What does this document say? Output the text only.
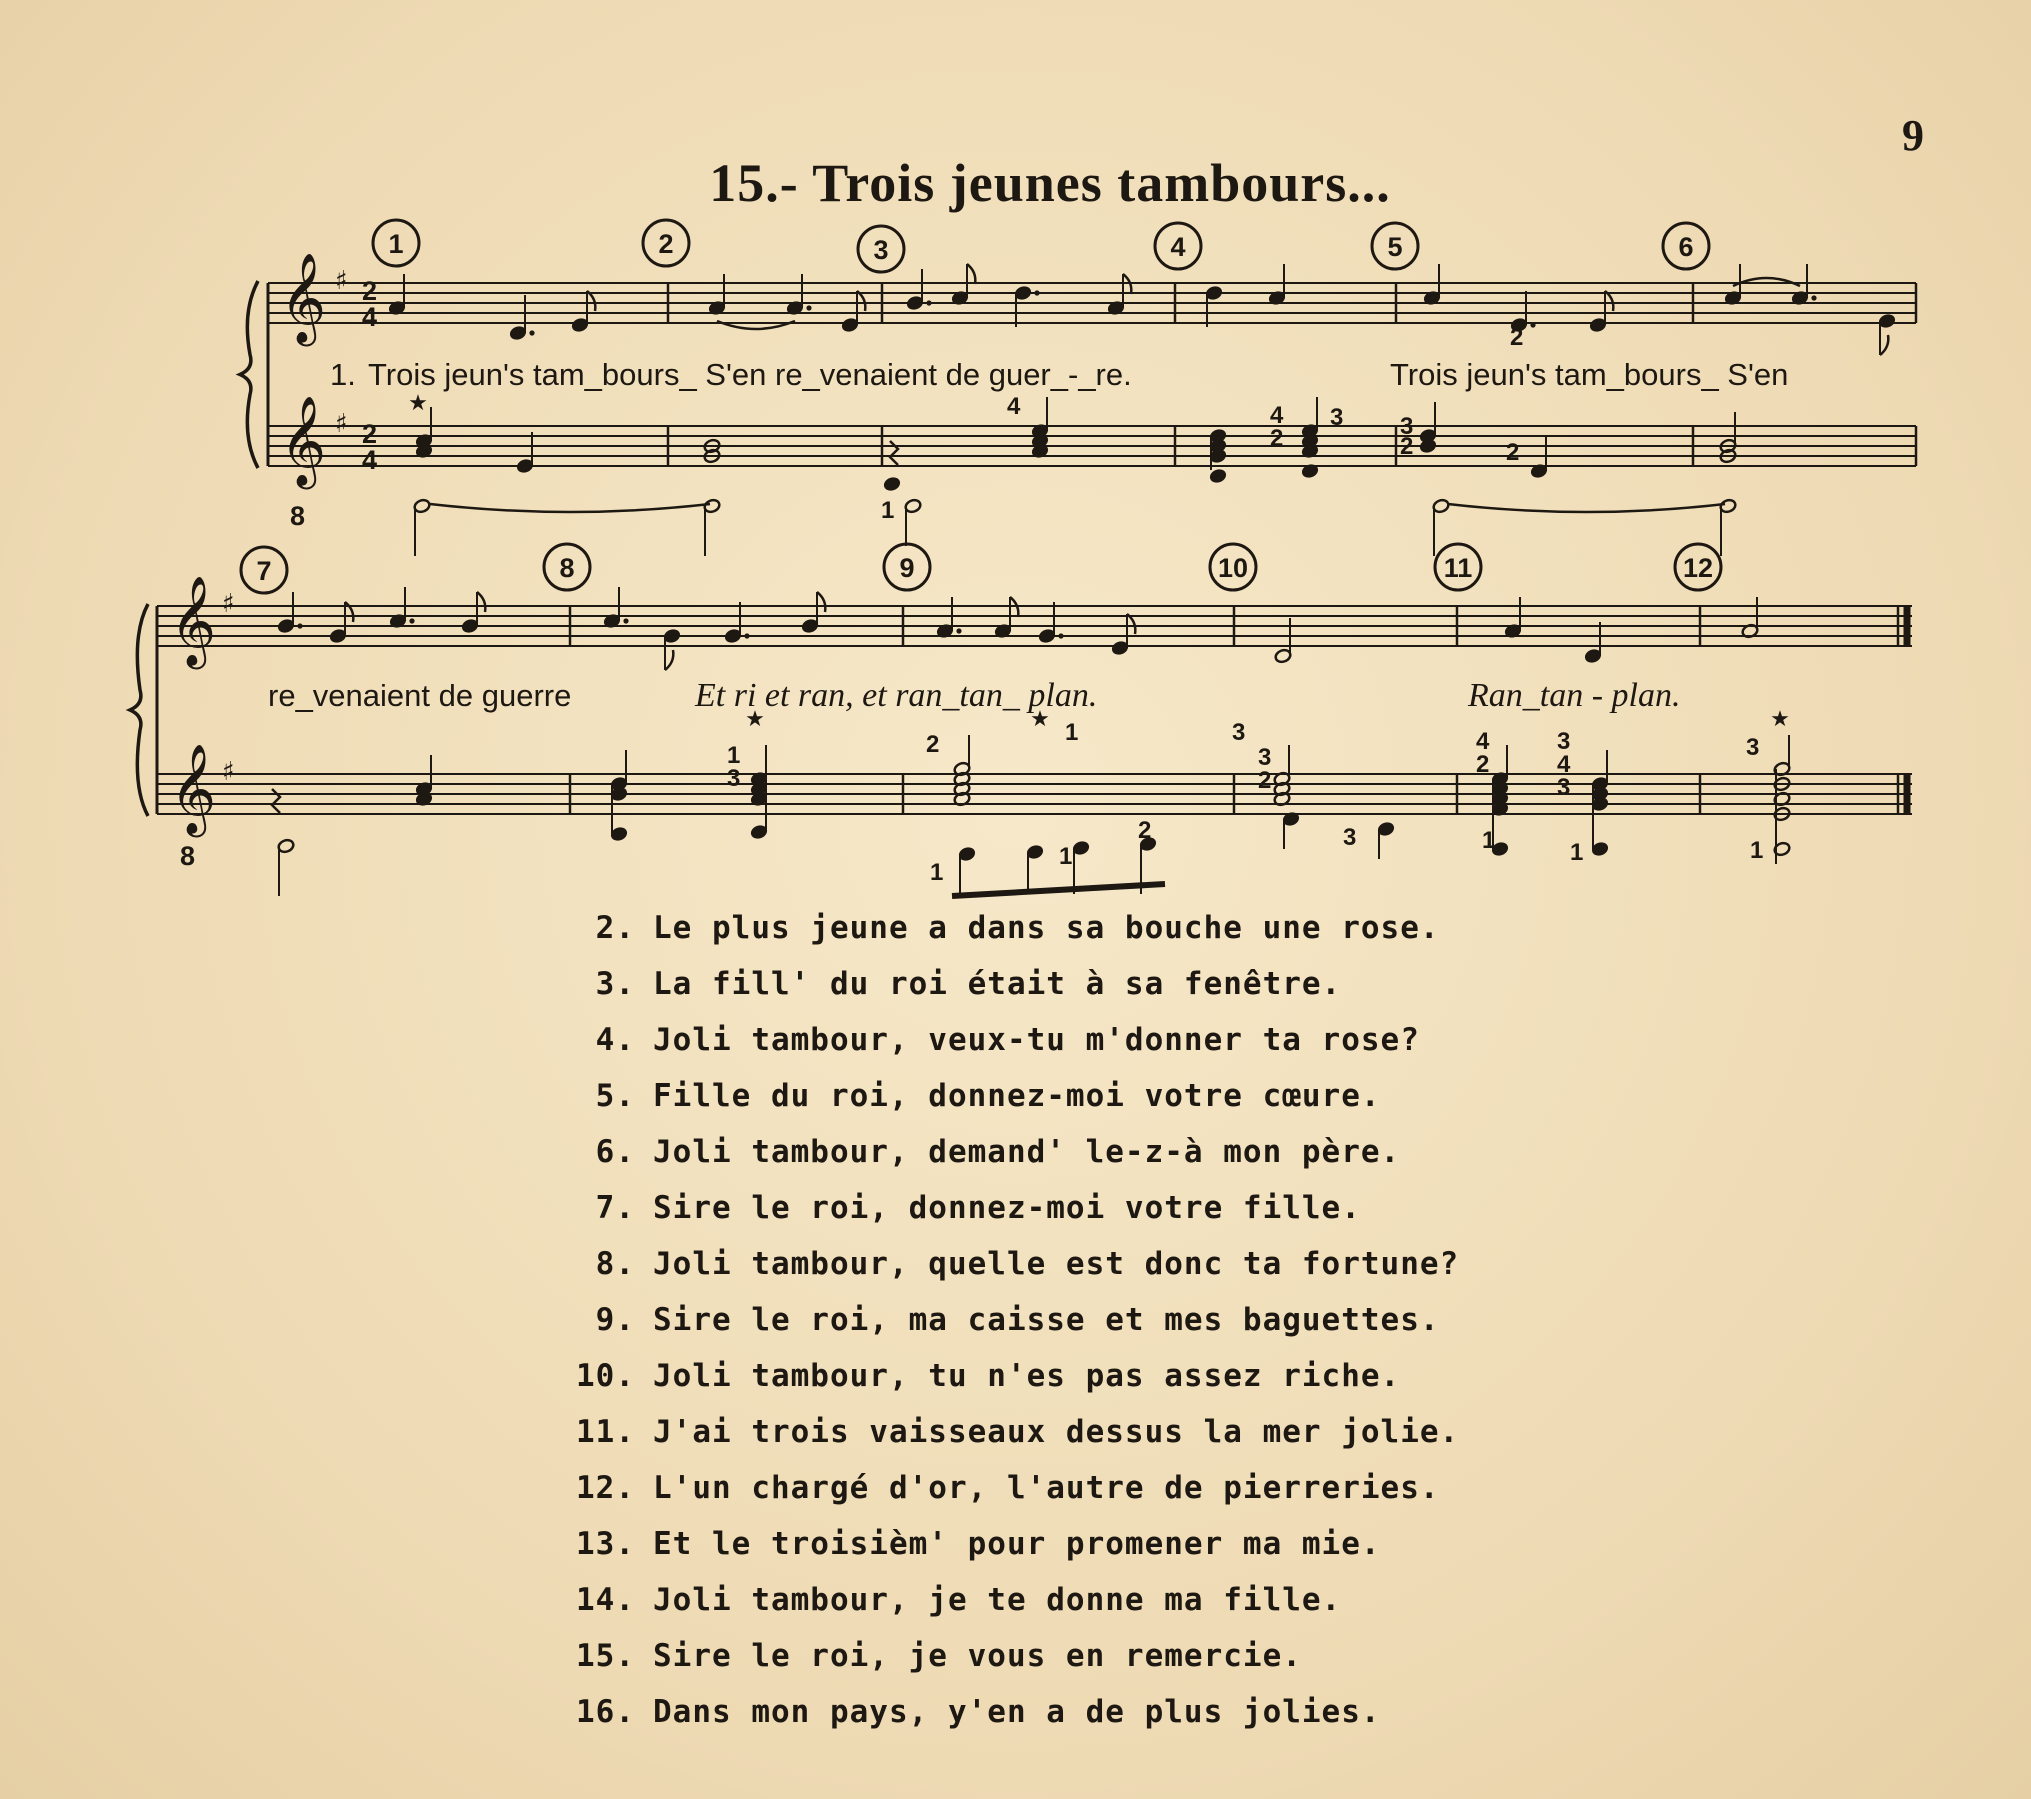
9
15.- Trois jeunes tambours...
𝄞
𝄞
♯
♯
★
𝄞
𝄞
♯
♯
★	★	★
1. Trois jeun's tam_bours_ S'en re_venaient de guer_-_re.	Trois jeun's tam_bours_ S'en
re_venaient de guerre	Et ri et ran, et ran_tan_ plan.	Ran_tan - plan.
2
4
2
4
8
8
1	2	3	4	5	6
7	8	9	10	11	12
4	4
2
1
3
2	2
1
3
2	3
2
4
2
3
4
3
3
1
2
1
3	1	1
2
3
1
3
1
2. Le plus jeune a dans sa bouche une rose.
3. La fill' du roi était à sa fenêtre.
4. Joli tambour, veux-tu m'donner ta rose?
5. Fille du roi, donnez-moi votre cœure.
6. Joli tambour, demand' le-z-à mon père.
7. Sire le roi, donnez-moi votre fille.
8. Joli tambour, quelle est donc ta fortune?
9. Sire le roi, ma caisse et mes baguettes.
10. Joli tambour, tu n'es pas assez riche.
11. J'ai trois vaisseaux dessus la mer jolie.
12. L'un chargé d'or, l'autre de pierreries.
13. Et le troisièm' pour promener ma mie.
14. Joli tambour, je te donne ma fille.
15. Sire le roi, je vous en remercie.
16. Dans mon pays, y'en a de plus jolies.
